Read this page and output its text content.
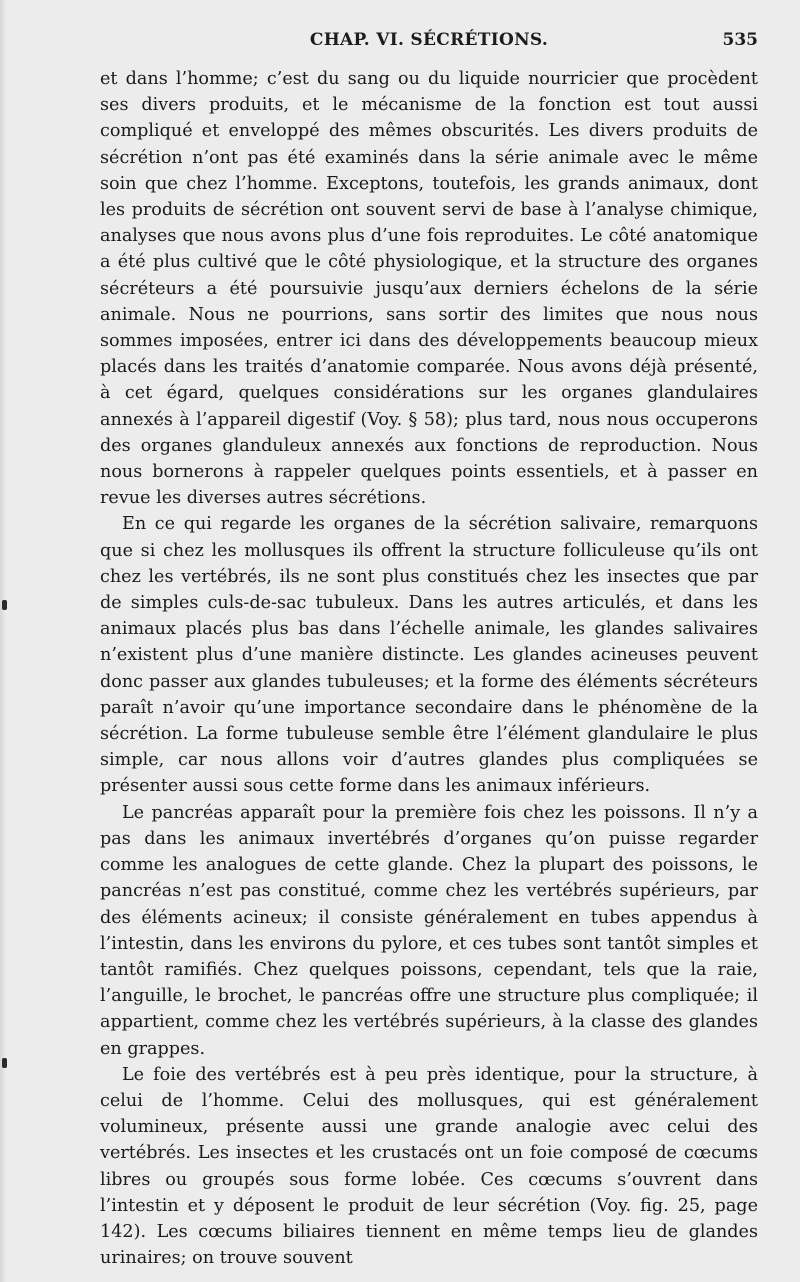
CHAP. VI. SÉCRÉTIONS.	535

et dans l’homme; c’est du sang ou du liquide nourricier que procèdent ses divers produits, et le mécanisme de la fonction est tout aussi compliqué et enveloppé des mêmes obscurités. Les divers produits de sécrétion n’ont pas été examinés dans la série animale avec le même soin que chez l’homme. Exceptons, toutefois, les grands animaux, dont les produits de sécrétion ont souvent servi de base à l’analyse chimique, analyses que nous avons plus d’une fois reproduites. Le côté anatomique a été plus cultivé que le côté physiologique, et la structure des organes sécréteurs a été poursuivie jusqu’aux derniers échelons de la série animale. Nous ne pourrions, sans sortir des limites que nous nous sommes imposées, entrer ici dans des développements beaucoup mieux placés dans les traités d’anatomie comparée. Nous avons déjà présenté, à cet égard, quelques considérations sur les organes glandulaires annexés à l’appareil digestif (Voy. § 58); plus tard, nous nous occuperons des organes glanduleux annexés aux fonctions de reproduction. Nous nous bornerons à rappeler quelques points essentiels, et à passer en revue les diverses autres sécrétions.

En ce qui regarde les organes de la sécrétion salivaire, remarquons que si chez les mollusques ils offrent la structure folliculeuse qu’ils ont chez les vertébrés, ils ne sont plus constitués chez les insectes que par de simples culs-de-sac tubuleux. Dans les autres articulés, et dans les animaux placés plus bas dans l’échelle animale, les glandes salivaires n’existent plus d’une manière distincte. Les glandes acineuses peuvent donc passer aux glandes tubuleuses; et la forme des éléments sécréteurs paraît n’avoir qu’une importance secondaire dans le phénomène de la sécrétion. La forme tubuleuse semble être l’élément glandulaire le plus simple, car nous allons voir d’autres glandes plus compliquées se présenter aussi sous cette forme dans les animaux inférieurs.

Le pancréas apparaît pour la première fois chez les poissons. Il n’y a pas dans les animaux invertébrés d’organes qu’on puisse regarder comme les analogues de cette glande. Chez la plupart des poissons, le pancréas n’est pas constitué, comme chez les vertébrés supérieurs, par des éléments acineux; il consiste généralement en tubes appendus à l’intestin, dans les environs du pylore, et ces tubes sont tantôt simples et tantôt ramifiés. Chez quelques poissons, cependant, tels que la raie, l’anguille, le brochet, le pancréas offre une structure plus compliquée; il appartient, comme chez les vertébrés supérieurs, à la classe des glandes en grappes.

Le foie des vertébrés est à peu près identique, pour la structure, à celui de l’homme. Celui des mollusques, qui est généralement volumineux, présente aussi une grande analogie avec celui des vertébrés. Les insectes et les crustacés ont un foie composé de cœcums libres ou groupés sous forme lobée. Ces cœcums s’ouvrent dans l’intestin et y déposent le produit de leur sécrétion (Voy. fig. 25, page 142). Les cœcums biliaires tiennent en même temps lieu de glandes urinaires; on trouve souvent
